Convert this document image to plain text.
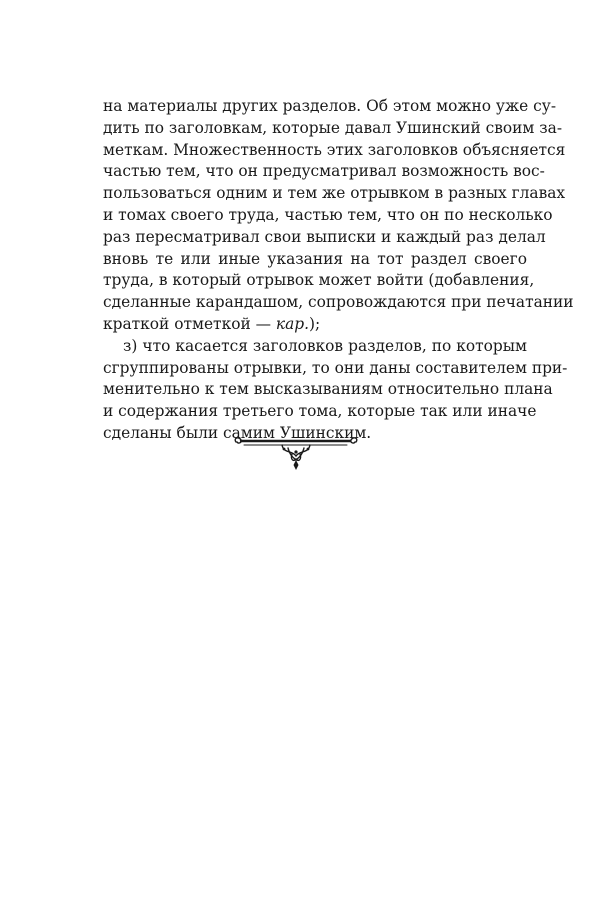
на материалы других разделов. Об этом можно уже су-
дить по заголовкам, которые давал Ушинский своим за-
меткам. Множественность этих заголовков объясняется
частью тем, что он предусматривал возможность вос-
пользоваться одним и тем же отрывком в разных главах
и томах своего труда, частью тем, что он по несколько
раз пересматривал свои выписки и каждый раз делал
вновь те или иные указания на тот раздел своего
труда, в который отрывок может войти (добавления,
сделанные карандашом, сопровождаются при печатании
краткой отметкой — кар.);
з) что касается заголовков разделов, по которым
сгруппированы отрывки, то они даны составителем при-
менительно к тем высказываниям относительно плана
и содержания третьего тома, которые так или иначе
сделаны были самим Ушинским.
